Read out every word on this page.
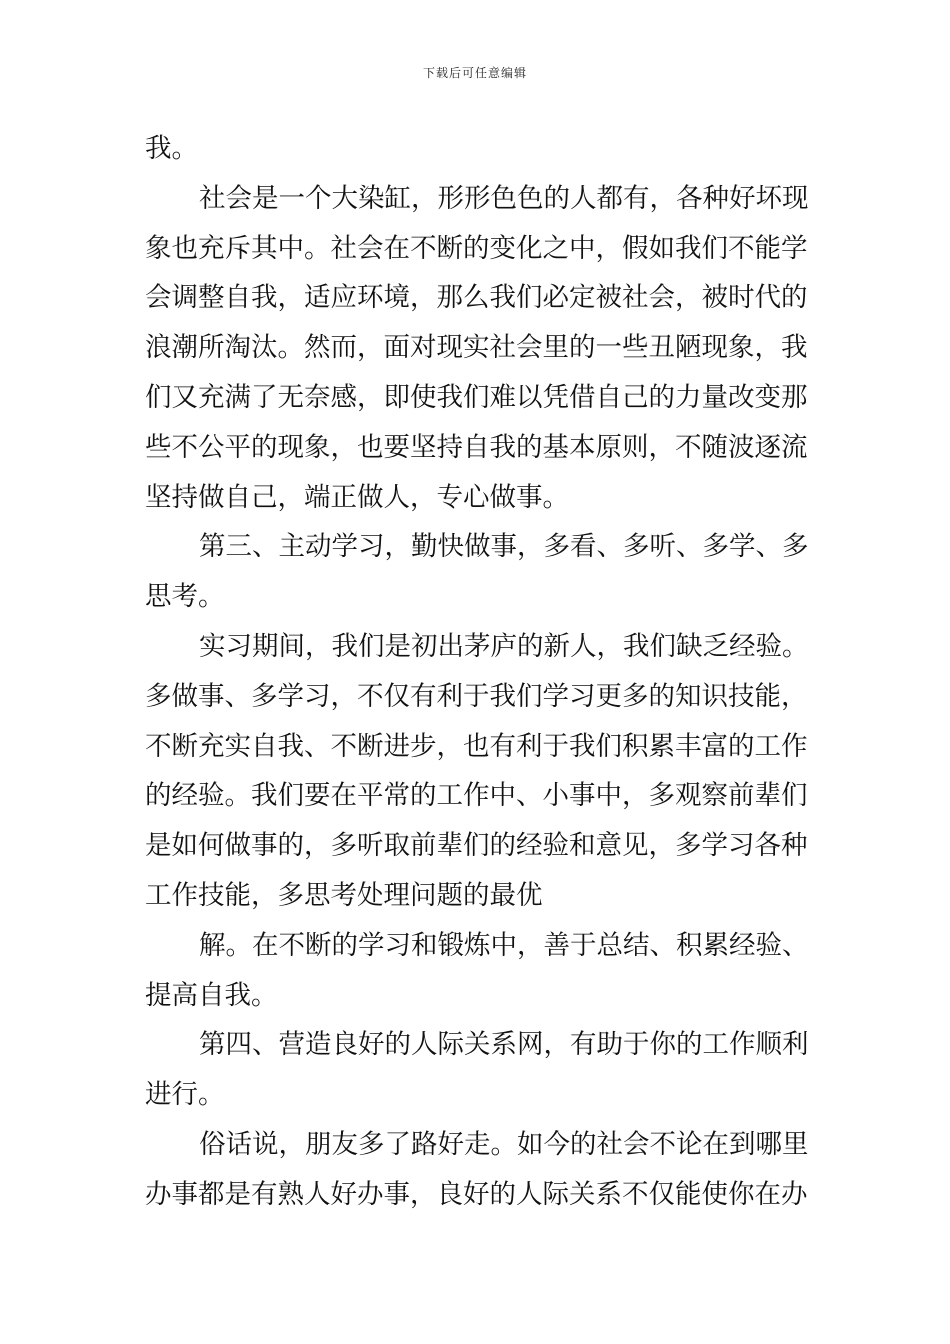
下载后可任意编辑
我。
社会是一个大染缸，形形色色的人都有，各种好坏现
象也充斥其中。社会在不断的变化之中，假如我们不能学
会调整自我，适应环境，那么我们必定被社会，被时代的
浪潮所淘汰。然而，面对现实社会里的一些丑陋现象，我
们又充满了无奈感，即使我们难以凭借自己的力量改变那
些不公平的现象，也要坚持自我的基本原则，不随波逐流
坚持做自己，端正做人，专心做事。
第三、主动学习，勤快做事，多看、多听、多学、多
思考。
实习期间，我们是初出茅庐的新人，我们缺乏经验。
多做事、多学习，不仅有利于我们学习更多的知识技能，
不断充实自我、不断进步，也有利于我们积累丰富的工作
的经验。我们要在平常的工作中、小事中，多观察前辈们
是如何做事的，多听取前辈们的经验和意见，多学习各种
工作技能，多思考处理问题的最优
解。在不断的学习和锻炼中，善于总结、积累经验、
提高自我。
第四、营造良好的人际关系网，有助于你的工作顺利
进行。
俗话说，朋友多了路好走。如今的社会不论在到哪里
办事都是有熟人好办事，良好的人际关系不仅能使你在办
